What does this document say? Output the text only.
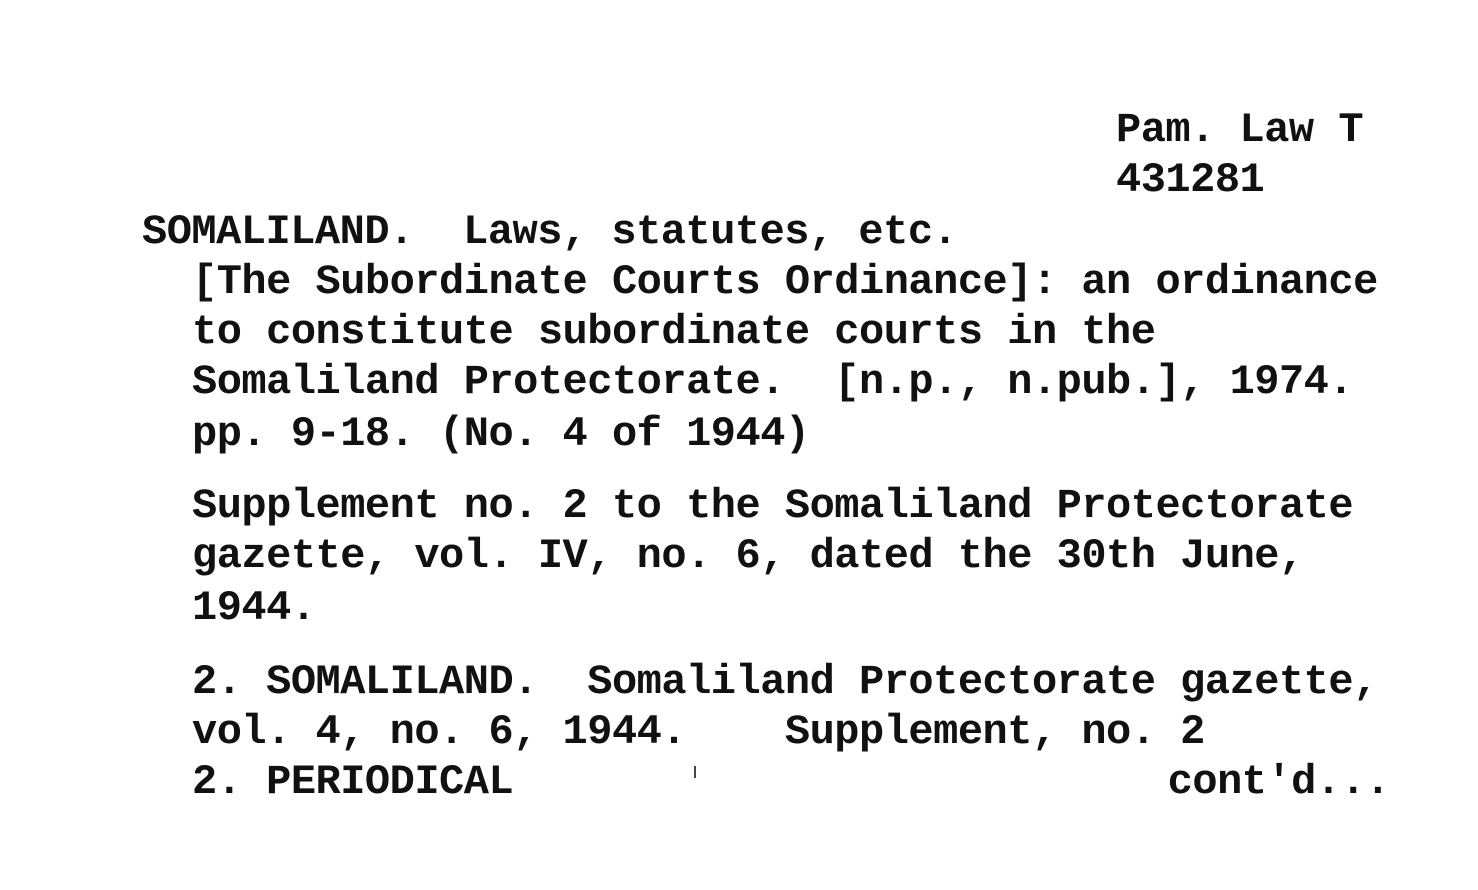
Pam. Law T
431281
SOMALILAND.  Laws, statutes, etc.
[The Subordinate Courts Ordinance]: an ordinance
to constitute subordinate courts in the
Somaliland Protectorate.  [n.p., n.pub.], 1974.
pp. 9-18. (No. 4 of 1944)
Supplement no. 2 to the Somaliland Protectorate
gazette, vol. IV, no. 6, dated the 30th June,
1944.
2. SOMALILAND.  Somaliland Protectorate gazette,
vol. 4, no. 6, 1944.    Supplement, no. 2
2. PERIODICAL	cont'd...
